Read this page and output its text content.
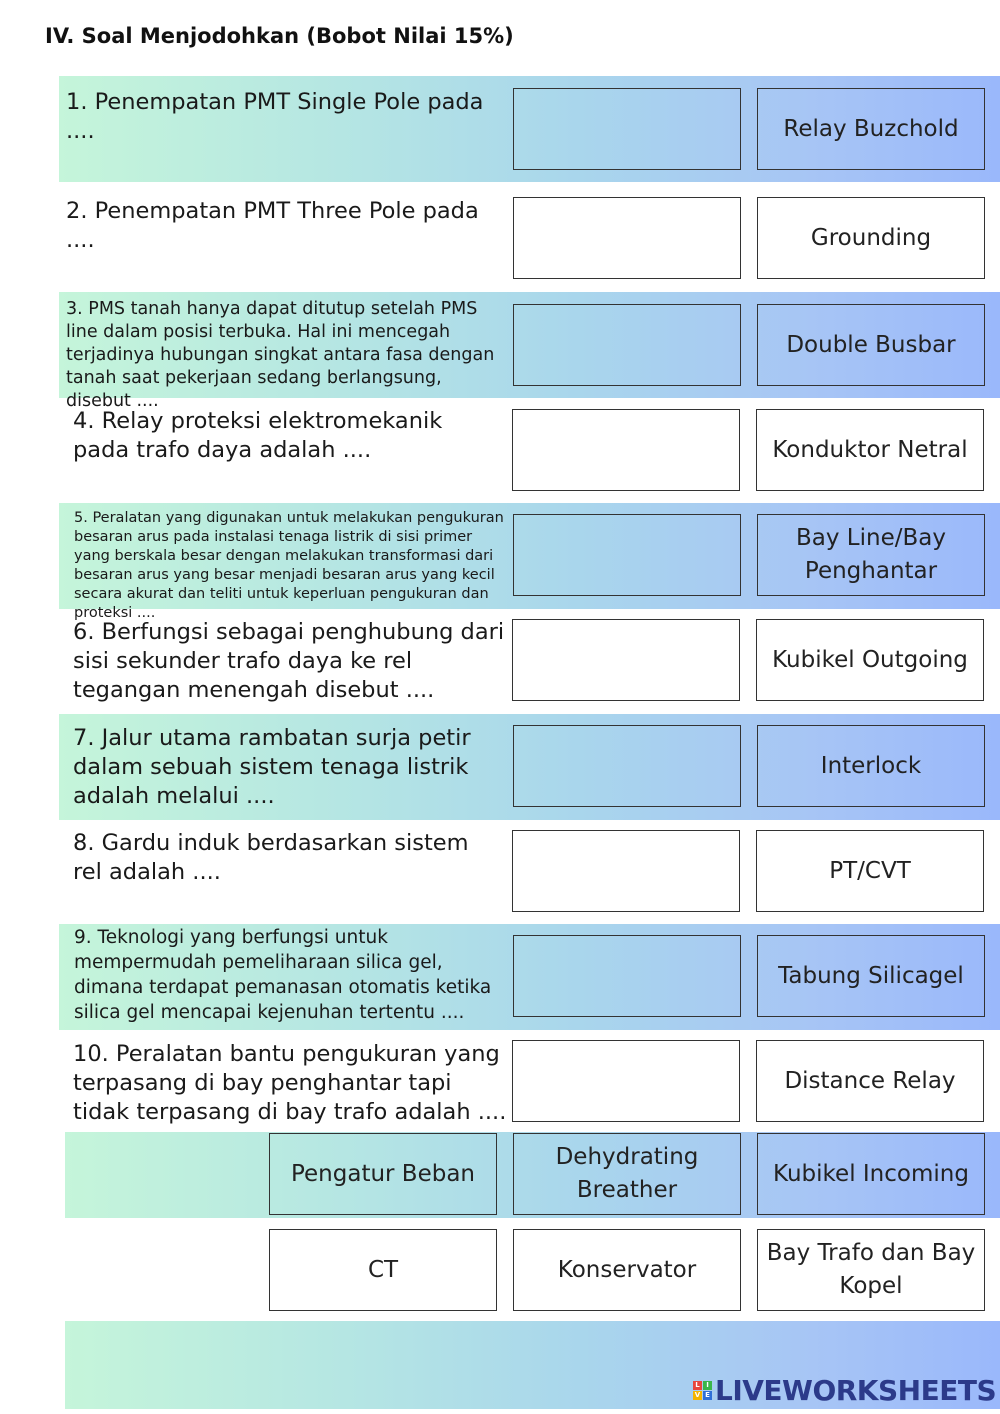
IV. Soal Menjodohkan (Bobot Nilai 15%)
1. Penempatan PMT Single Pole pada ....
2. Penempatan PMT Three Pole pada ....
3. PMS tanah hanya dapat ditutup setelah PMS line dalam posisi terbuka. Hal ini mencegah terjadinya hubungan singkat antara fasa dengan tanah saat pekerjaan sedang berlangsung, disebut ....
4. Relay proteksi elektromekanik pada trafo daya adalah ....
5. Peralatan yang digunakan untuk melakukan pengukuran besaran arus pada instalasi tenaga listrik di sisi primer yang berskala besar dengan melakukan transformasi dari besaran arus yang besar menjadi besaran arus yang kecil secara akurat dan teliti untuk keperluan pengukuran dan proteksi ....
6. Berfungsi sebagai penghubung dari sisi sekunder trafo daya ke rel tegangan menengah disebut ....
7. Jalur utama rambatan surja petir dalam sebuah sistem tenaga listrik adalah melalui ....
8. Gardu induk berdasarkan sistem rel adalah ....
9. Teknologi yang berfungsi untuk mempermudah pemeliharaan silica gel, dimana terdapat pemanasan otomatis ketika silica gel mencapai kejenuhan tertentu ....
10. Peralatan bantu pengukuran yang terpasang di bay penghantar tapi tidak terpasang di bay trafo adalah ....
Relay Buzchold
Grounding
Double Busbar
Konduktor Netral
Bay Line/Bay Penghantar
Kubikel Outgoing
Interlock
PT/CVT
Tabung Silicagel
Distance Relay
Pengatur Beban
Dehydrating Breather
Kubikel Incoming
CT	Konservator
Bay Trafo dan Bay Kopel
L I
V E LIVEWORKSHEETS
